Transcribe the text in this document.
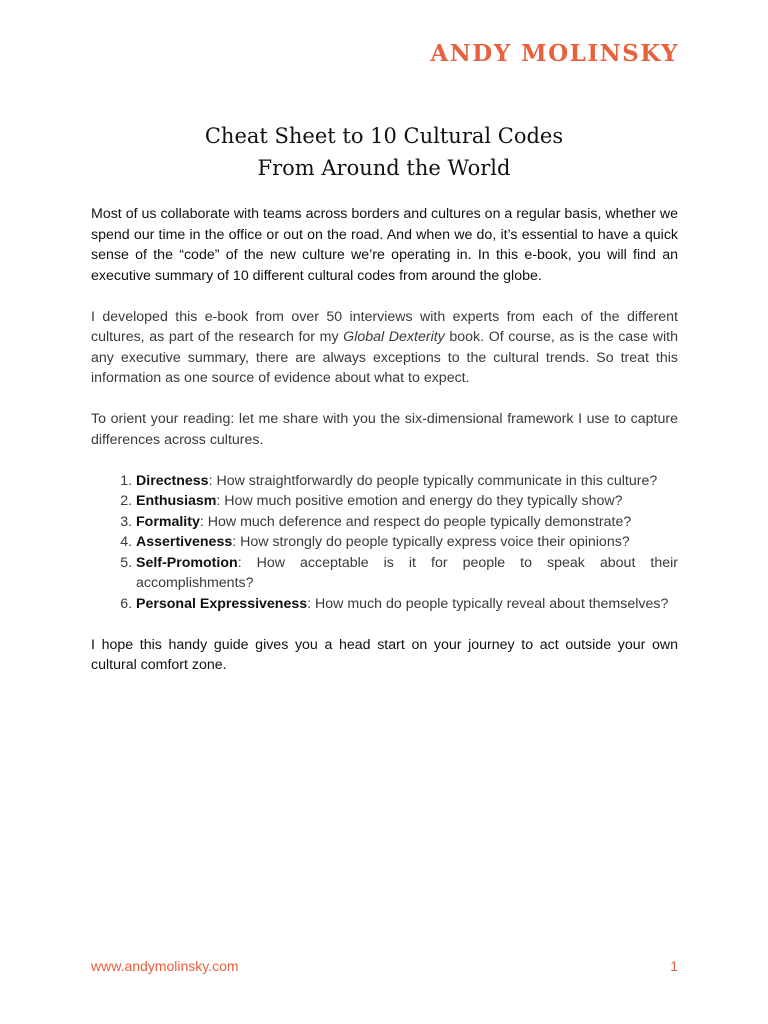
ANDY MOLINSKY
Cheat Sheet to 10 Cultural Codes
From Around the World

Most of us collaborate with teams across borders and cultures on a regular basis, whether we spend our time in the office or out on the road. And when we do, it’s essential to have a quick sense of the “code” of the new culture we’re operating in. In this e-book, you will find an executive summary of 10 different cultural codes from around the globe.

I developed this e-book from over 50 interviews with experts from each of the different cultures, as part of the research for my Global Dexterity book. Of course, as is the case with any executive summary, there are always exceptions to the cultural trends. So treat this information as one source of evidence about what to expect.

To orient your reading: let me share with you the six-dimensional framework I use to capture differences across cultures.

1. Directness: How straightforwardly do people typically communicate in this culture?
2. Enthusiasm: How much positive emotion and energy do they typically show?
3. Formality: How much deference and respect do people typically demonstrate?
4. Assertiveness: How strongly do people typically express voice their opinions?
5. Self-Promotion: How acceptable is it for people to speak about their accomplishments?
6. Personal Expressiveness: How much do people typically reveal about themselves?

I hope this handy guide gives you a head start on your journey to act outside your own cultural comfort zone.

www.andymolinsky.com	1
